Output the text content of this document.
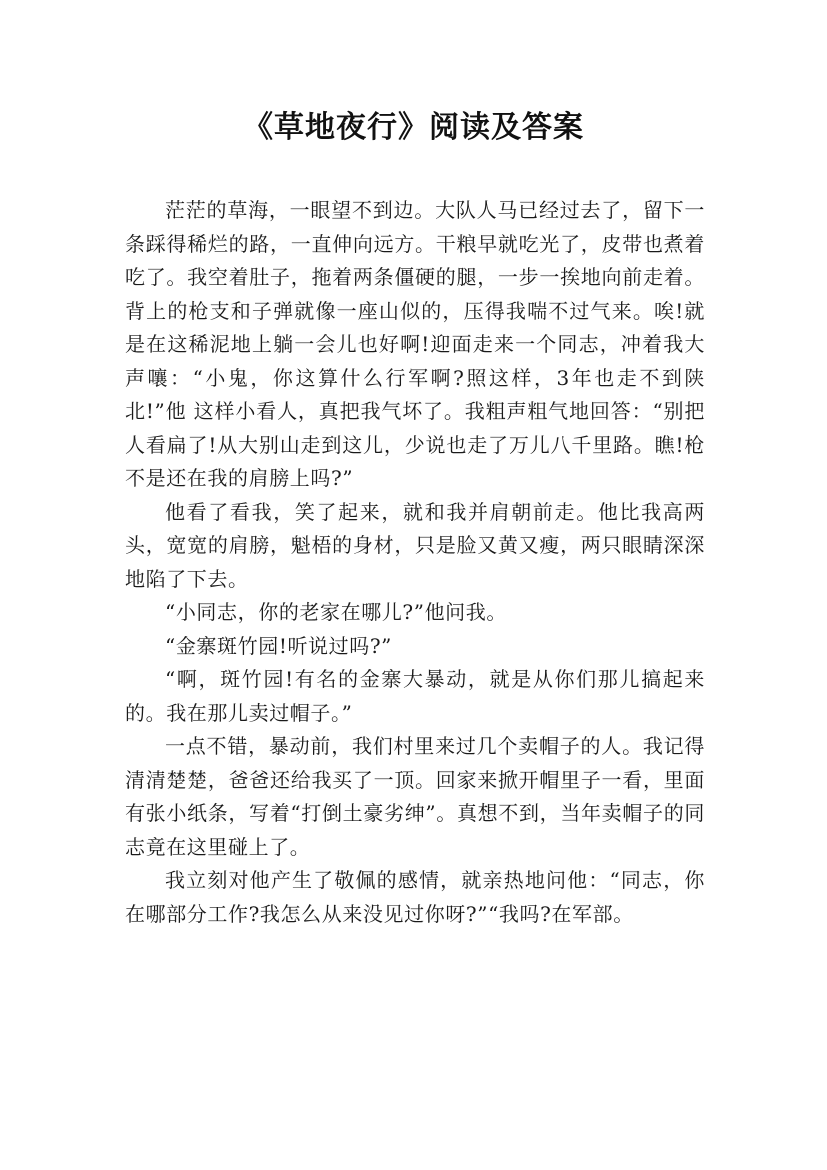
《草地夜行》阅读及答案

茫茫的草海，一眼望不到边。大队人马已经过去了，留下一条踩得稀烂的路，一直伸向远方。干粮早就吃光了，皮带也煮着吃了。我空着肚子，拖着两条僵硬的腿，一步一挨地向前走着。背上的枪支和子弹就像一座山似的，压得我喘不过气来。唉!就是在这稀泥地上躺一会儿也好啊!迎面走来一个同志，冲着我大声嚷：“小鬼，你这算什么行军啊?照这样，3年也走不到陕北!”他 这样小看人，真把我气坏了。我粗声粗气地回答：“别把人看扁了!从大别山走到这儿，少说也走了万儿八千里路。瞧!枪不是还在我的肩膀上吗?”

他看了看我，笑了起来，就和我并肩朝前走。他比我高两头，宽宽的肩膀，魁梧的身材，只是脸又黄又瘦，两只眼睛深深地陷了下去。

“小同志，你的老家在哪儿?”他问我。

“金寨斑竹园!听说过吗?”

“啊，斑竹园!有名的金寨大暴动，就是从你们那儿搞起来的。我在那儿卖过帽子。”

一点不错，暴动前，我们村里来过几个卖帽子的人。我记得清清楚楚，爸爸还给我买了一顶。回家来掀开帽里子一看，里面有张小纸条，写着“打倒土豪劣绅”。真想不到，当年卖帽子的同志竟在这里碰上了。

我立刻对他产生了敬佩的感情，就亲热地问他：“同志，你在哪部分工作?我怎么从来没见过你呀?”“我吗?在军部。
